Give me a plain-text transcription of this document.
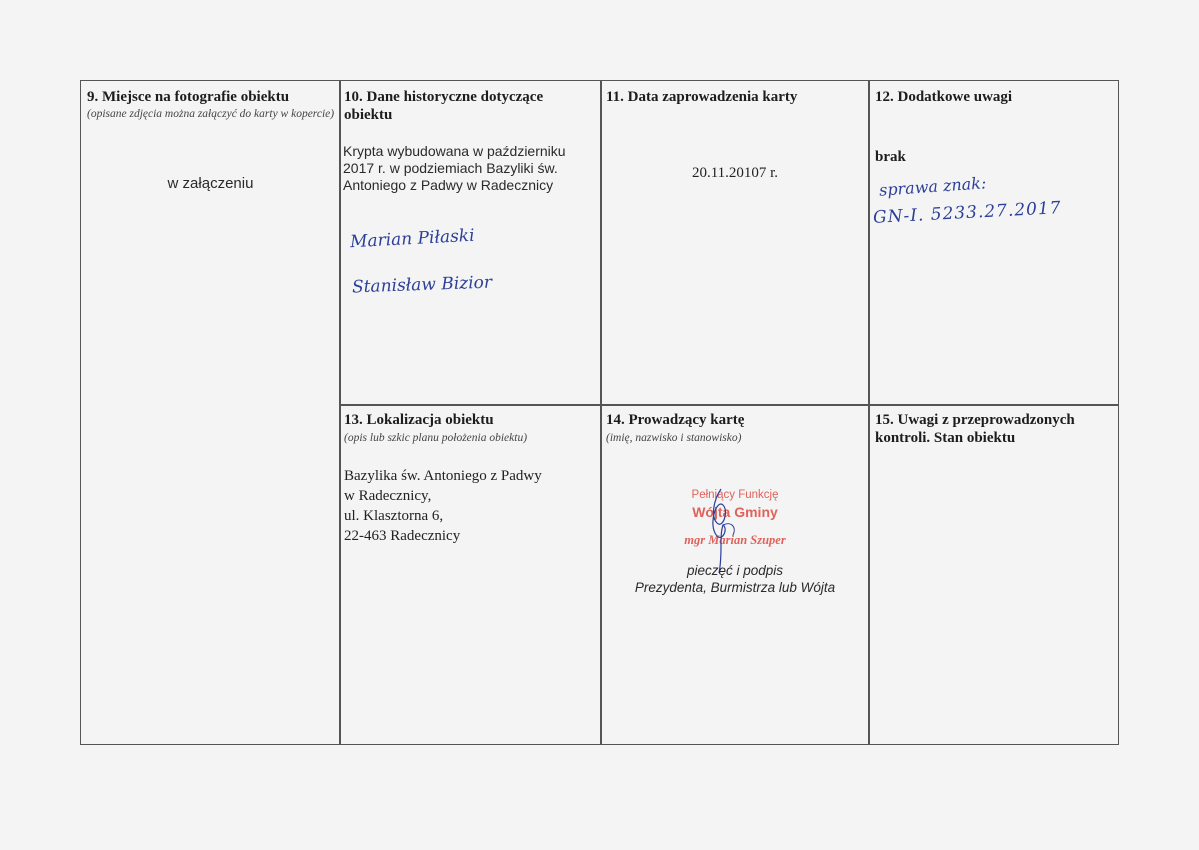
9. Miejsce na fotografie obiektu
(opisane zdjęcia można załączyć do karty w kopercie)
w załączeniu
10. Dane historyczne dotyczące
obiektu
Krypta wybudowana w październiku
2017 r. w podziemiach Bazyliki św.
Antoniego z Padwy w Radecznicy
Marian Piłaski
Stanisław Bizior
11. Data zaprowadzenia karty
20.11.20107 r.
12. Dodatkowe uwagi
brak
sprawa znak:
GN-I. 5233.27.2017
13. Lokalizacja obiektu
(opis lub szkic planu położenia obiektu)
Bazylika św. Antoniego z Padwy
w Radecznicy,
ul. Klasztorna 6,
22-463 Radecznicy
14. Prowadzący kartę
(imię, nazwisko i stanowisko)
Pełniący Funkcję
Wójta Gminy
mgr Marian Szuper
pieczęć i podpis
Prezydenta, Burmistrza lub Wójta
15. Uwagi z przeprowadzonych
kontroli. Stan obiektu
